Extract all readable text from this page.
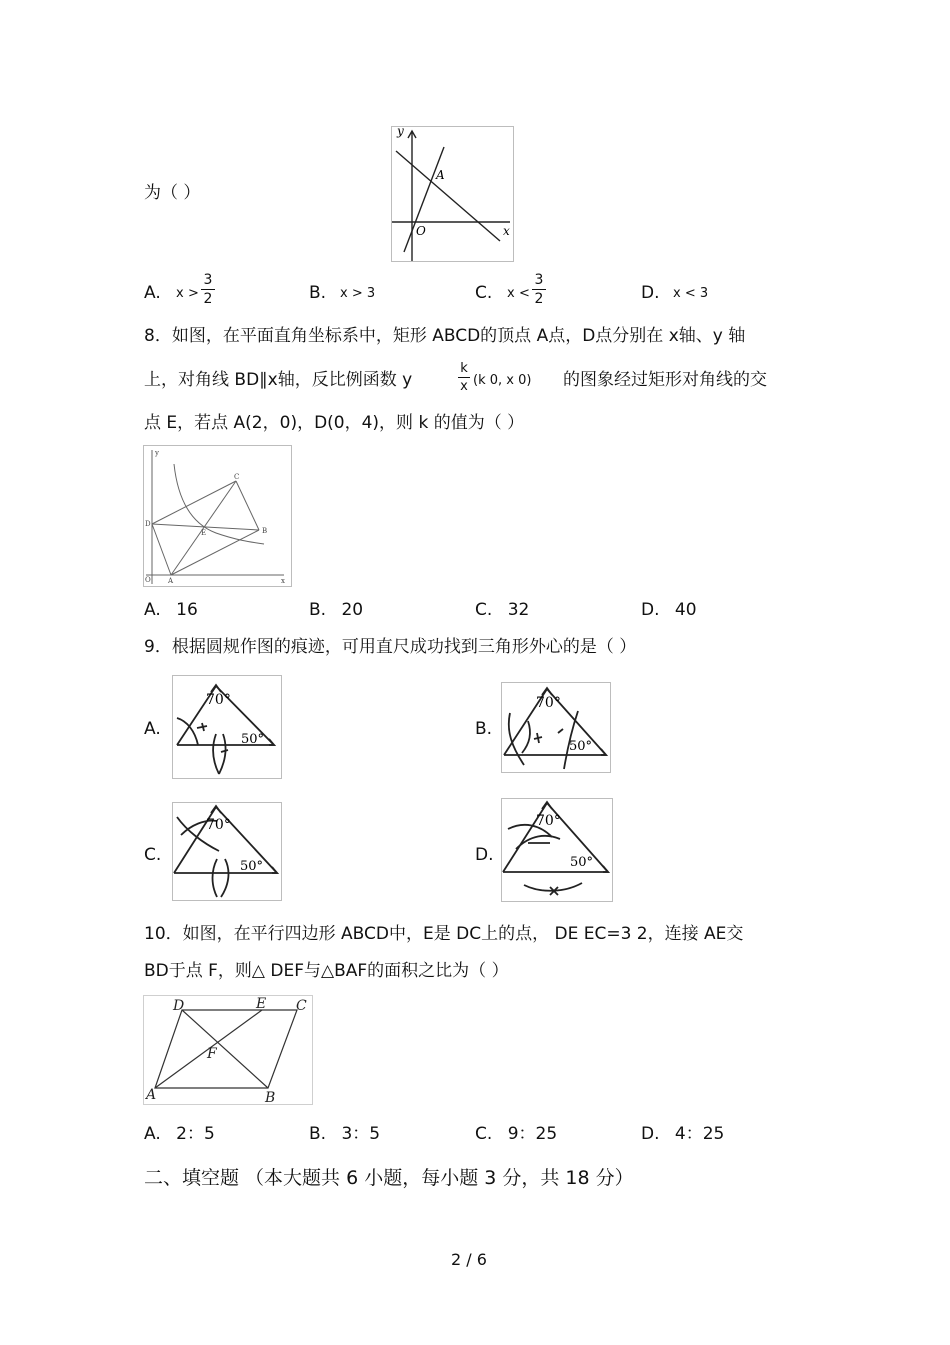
为（ ）
y
x
O
A
A. x >
3
2	B. x > 3	C. x <
3
2	D. x < 3
8．如图，在平面直角坐标系中，矩形 ABCD的顶点 A点，D点分别在 x轴、y 轴
上，对角线 BD∥x轴，反比例函数 y
k
x (k 0, x 0) 的图象经过矩形对角线的交
点 E，若点 A(2，0)，D(0，4)，则 k 的值为（ ）
y
x
O A
B
C
D
E
A. 16	B. 20	C. 32	D. 40
9．根据圆规作图的痕迹，可用直尺成功找到三角形外心的是（ ）
A.
70°
50°
B.
70°
50°
C.
70°
50°
D.
70°
50°
10．如图，在平行四边形 ABCD中，E是 DC上的点， DE EC=3 2，连接 AE交
BD于点 F，则△ DEF与△BAF的面积之比为（ ）
A	B
C
D	E
F
A. 2：5	B. 3：5	C. 9：25	D. 4：25
二、填空题 （本大题共 6 小题，每小题 3 分，共 18 分）
2 / 6
